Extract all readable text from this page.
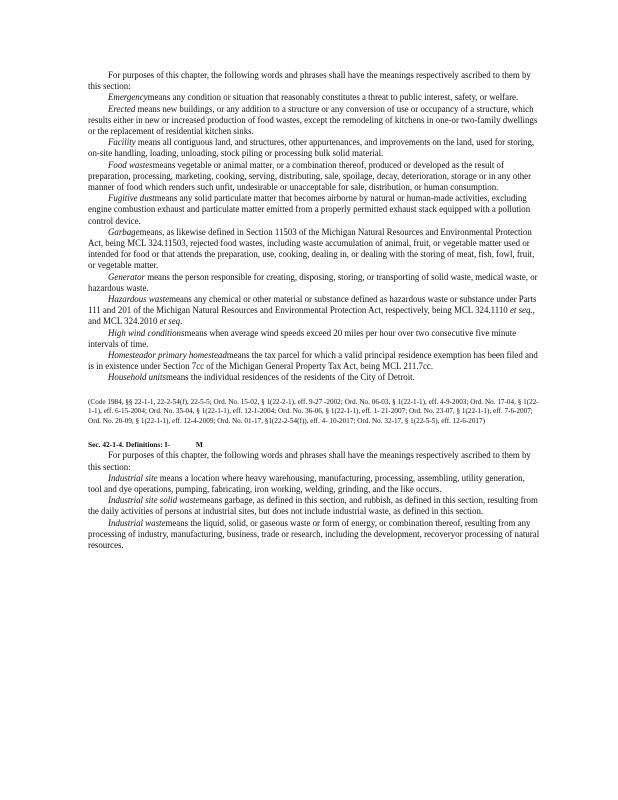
For purposes of this chapter, the following words and phrases shall have the meanings respectively ascribed to them by this section:

Emergencymeans any condition or situation that reasonably constitutes a threat to public interest, safety, or welfare.

Erected means new buildings, or any addition to a structure or any conversion of use or occupancy of a structure, which results either in new or increased production of food wastes, except the remodeling of kitchens in one-or two-family dwellings or the replacement of residential kitchen sinks.

Facility means all contiguous land, and structures, other appurtenances, and improvements on the land, used for storing, on-site handling, loading, unloading, stock piling or processing bulk solid material.

Food wastesmeans vegetable or animal matter, or a combination thereof, produced or developed as the result of preparation, processing, marketing, cooking, serving, distributing, sale, spoilage, decay, deterioration, storage or in any other manner of food which renders such unfit, undesirable or unacceptable for sale, distribution, or human consumption.

Fugitive dustmeans any solid particulate matter that becomes airborne by natural or human-made activities, excluding engine combustion exhaust and particulate matter emitted from a properly permitted exhaust stack equipped with a pollution control device.

Garbagemeans, as likewise defined in Section 11503 of the Michigan Natural Resources and Environmental Protection Act, being MCL 324.11503, rejected food wastes, including waste accumulation of animal, fruit, or vegetable matter used or intended for food or that attends the preparation, use, cooking, dealing in, or dealing with the storing of meat, fish, fowl, fruit, or vegetable matter.

Generator means the person responsible for creating, disposing, storing, or transporting of solid waste, medical waste, or hazardous waste.

Hazardous wastemeans any chemical or other material or substance defined as hazardous waste or substance under Parts 111 and 201 of the Michigan Natural Resources and Environmental Protection Act, respectively, being MCL 324.1110 et seq., and MCL 324.2010 et seq.

High wind conditionsmeans when average wind speeds exceed 20 miles per hour over two consecutive five minute intervals of time.

Homesteador primary homesteadmeans the tax parcel for which a valid principal residence exemption has been filed and is in existence under Section 7cc of the Michigan General Property Tax Act, being MCL 211.7cc.

Household unitsmeans the individual residences of the residents of the City of Detroit.

(Code 1984, §§ 22-1-1, 22-2-54(f), 22-5-5; Ord. No. 15-02, § 1(22-2-1), eff. 9-27 -2002; Ord. No. 06-03, § 1(22-1-1), eff. 4-9-2003; Ord. No. 17-04, § 1(22-1-1), eff. 6-15-2004; Ord. No. 35-04, § 1(22-1-1), eff. 12-1-2004; Ord. No. 36-06, § 1(22-1-1), eff. 1- 21-2007; Ord. No. 23-07, § 1(22-1-1), eff. 7-6-2007; Ord. No. 20-09, § 1(22-1-1), eff. 12-4-2009; Ord. No. 01-17, §1(22-2-54(f)), eff. 4- 10-2017; Ord. No. 32-17, § 1(22-5-5), eff. 12-6-2017)

Sec. 42-1-4. Definitions: I-	M

For purposes of this chapter, the following words and phrases shall have the meanings respectively ascribed to them by this section:

Industrial site means a location where heavy warehousing, manufacturing, processing, assembling, utility generation, tool and dye operations, pumping, fabricating, iron working, welding, grinding, and the like occurs.

Industrial site solid wastemeans garbage, as defined in this section, and rubbish, as defined in this section, resulting from the daily activities of persons at industrial sites, but does not include industrial waste, as defined in this section.

Industrial wastemeans the liquid, solid, or gaseous waste or form of energy, or combination thereof, resulting from any processing of industry, manufacturing, business, trade or research, including the development, recoveryor processing of natural resources.
